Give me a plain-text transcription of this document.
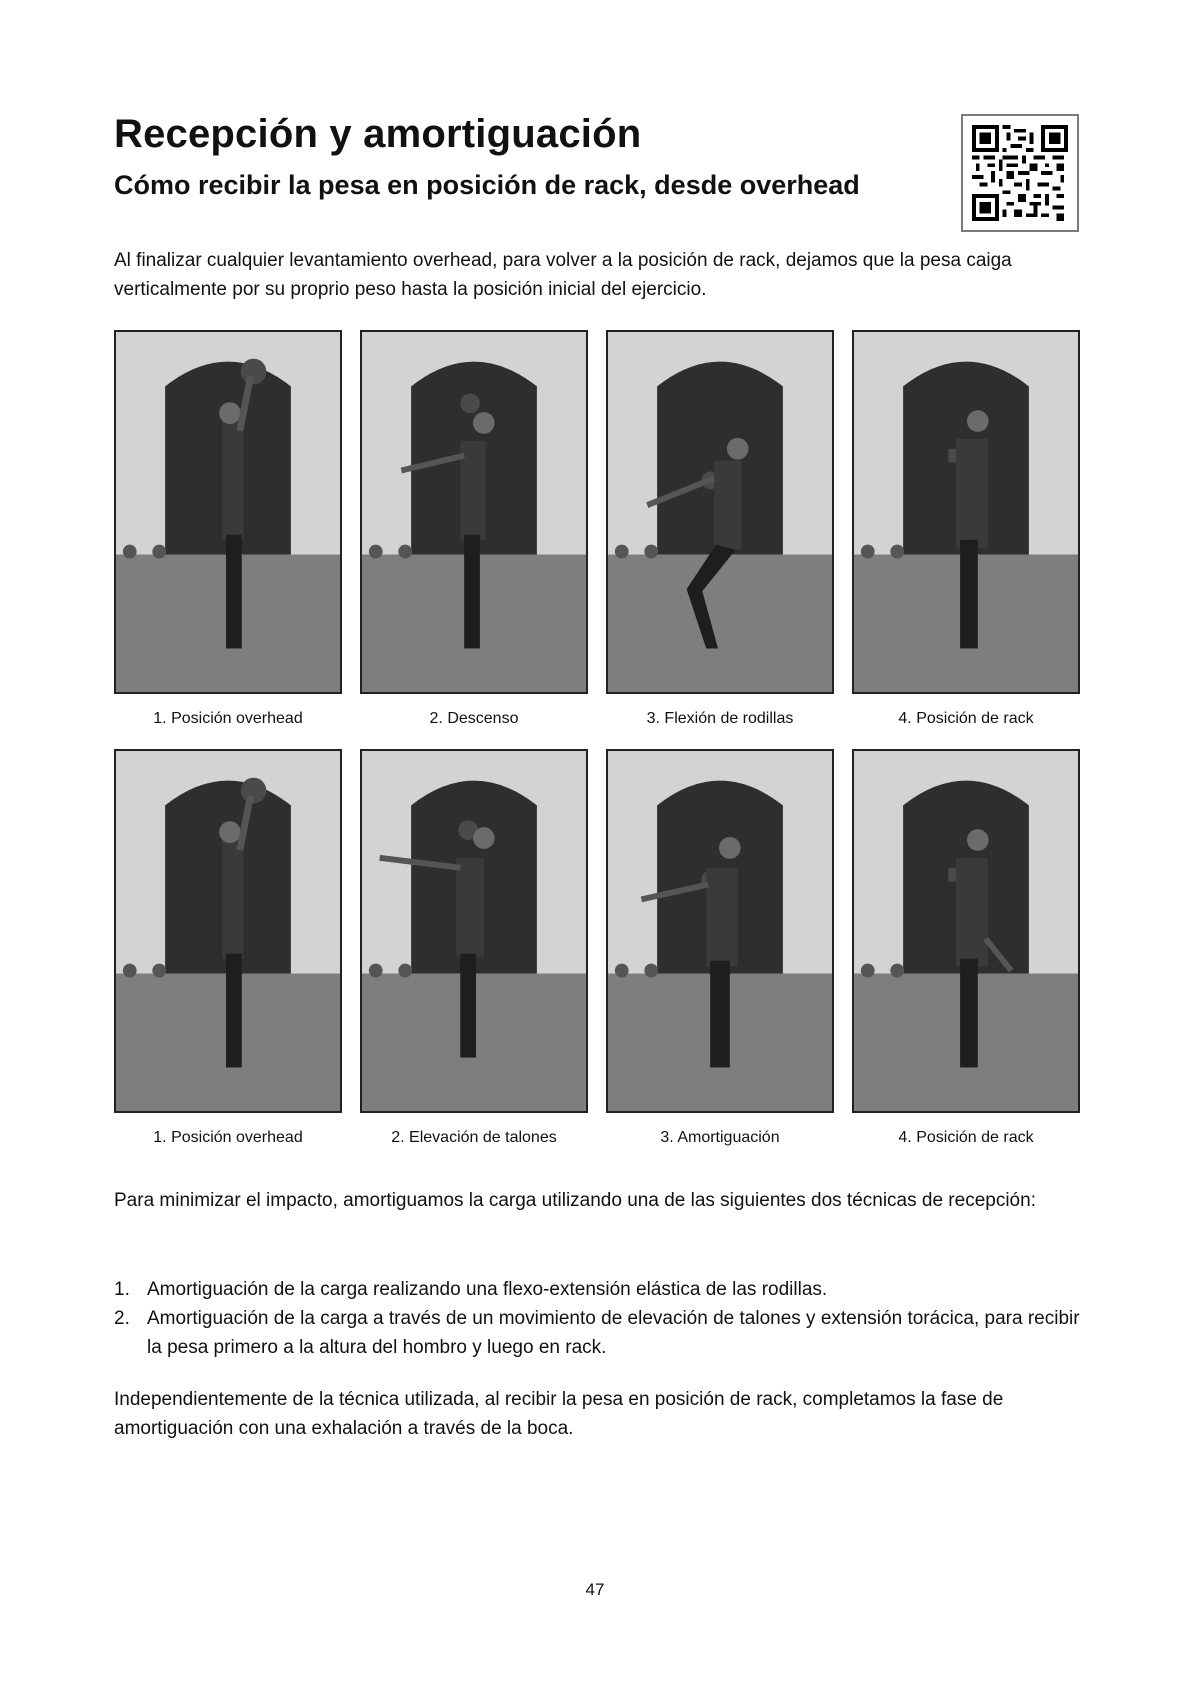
Recepción y amortiguación
Cómo recibir la pesa en posición de rack, desde overhead

Al finalizar cualquier levantamiento overhead, para volver a la posición de rack, dejamos que la pesa caiga verticalmente por su proprio peso hasta la posición inicial del ejercicio.

1. Posición overhead	2. Descenso	3. Flexión de rodillas	4. Posición de rack
1. Posición overhead	2. Elevación de talones	3. Amortiguación	4. Posición de rack

Para minimizar el impacto, amortiguamos la carga utilizando una de las siguientes dos técnicas de recepción:

1. Amortiguación de la carga realizando una flexo-extensión elástica de las rodillas.
2. Amortiguación de la carga a través de un movimiento de elevación de talones y extensión torácica, para recibir la pesa primero a la altura del hombro y luego en rack.

Independientemente de la técnica utilizada, al recibir la pesa en posición de rack, completamos la fase de amortiguación con una exhalación a través de la boca.

47
